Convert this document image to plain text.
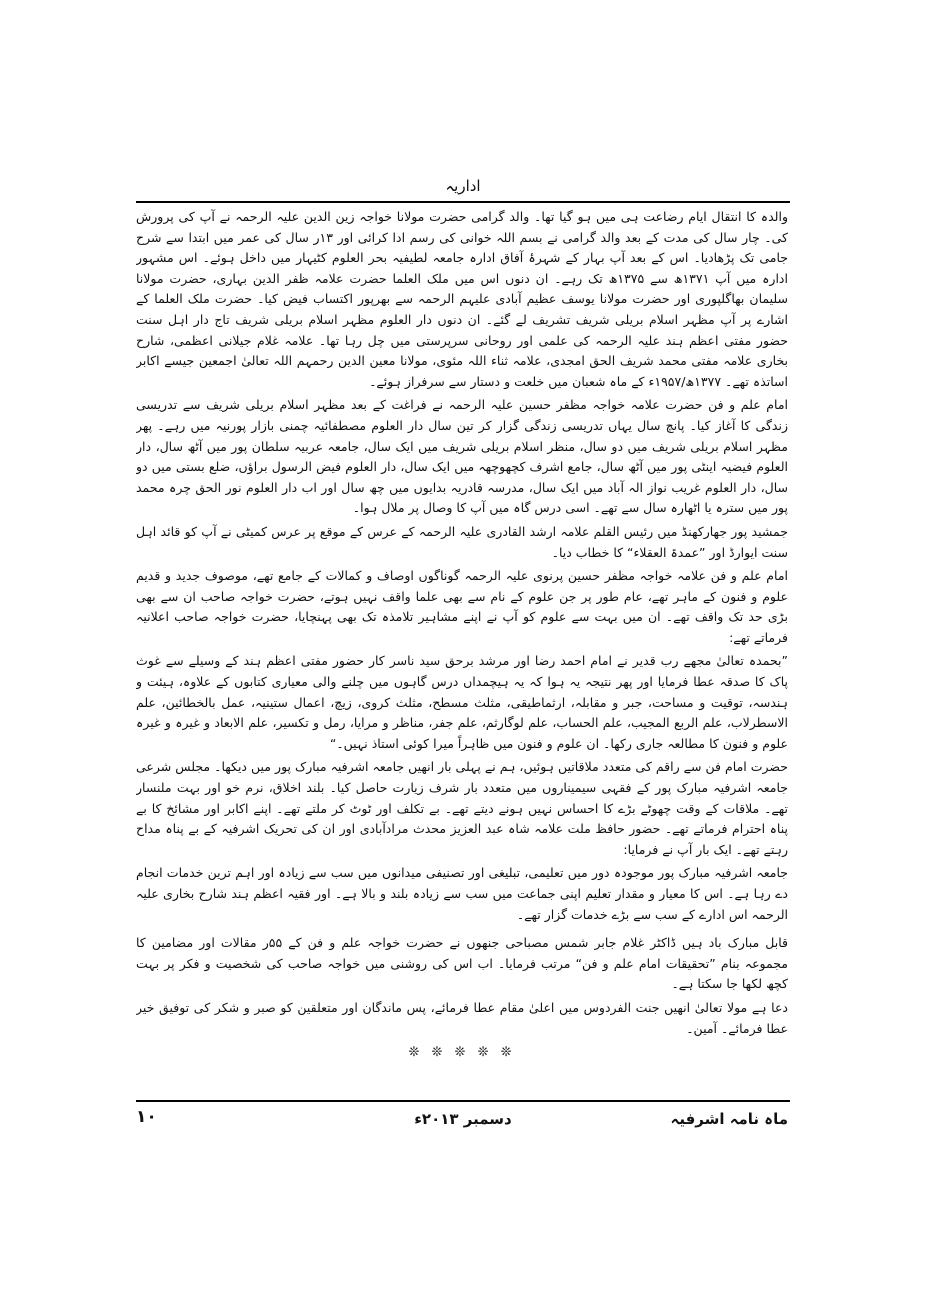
اداریہ

والدہ کا انتقال ایام رضاعت ہی میں ہو گیا تھا۔ والد گرامی حضرت مولانا خواجہ زین الدین علیہ الرحمہ نے آپ کی پرورش کی۔ چار سال کی مدت کے بعد والد گرامی نے بسم اللہ خوانی کی رسم ادا کرائی اور ۱۳ر سال کی عمر میں ابتدا سے شرح جامی تک پڑھادیا۔ اس کے بعد آپ بہار کے شہرۂ آفاق ادارہ جامعہ لطیفیہ بحر العلوم کٹیہار میں داخل ہوئے۔ اس مشہور ادارہ میں آپ ۱۳۷۱ھ سے ۱۳۷۵ھ تک رہے۔ ان دنوں اس میں ملک العلما حضرت علامہ ظفر الدین بہاری، حضرت مولانا سلیمان بھاگلپوری اور حضرت مولانا یوسف عظیم آبادی علیہم الرحمہ سے بھرپور اکتساب فیض کیا۔ حضرت ملک العلما کے اشارے پر آپ مظہر اسلام بریلی شریف تشریف لے گئے۔ ان دنوں دار العلوم مظہر اسلام بریلی شریف تاج دار اہل سنت حضور مفتی اعظم ہند علیہ الرحمہ کی علمی اور روحانی سرپرستی میں چل رہا تھا۔ علامہ غلام جیلانی اعظمی، شارح بخاری علامہ مفتی محمد شریف الحق امجدی، علامہ ثناء اللہ مئوی، مولانا معین الدین رحمہم اللہ تعالیٰ اجمعین جیسے اکابر اساتذہ تھے۔ ۱۳۷۷ھ/۱۹۵۷ء کے ماہ شعبان میں خلعت و دستار سے سرفراز ہوئے۔

امام علم و فن حضرت علامہ خواجہ مظفر حسین علیہ الرحمہ نے فراغت کے بعد مظہر اسلام بریلی شریف سے تدریسی زندگی کا آغاز کیا۔ پانچ سال یہاں تدریسی زندگی گزار کر تین سال دار العلوم مصطفائیہ چمنی بازار پورنیہ میں رہے۔ پھر مظہر اسلام بریلی شریف میں دو سال، منظر اسلام بریلی شریف میں ایک سال، جامعہ عربیہ سلطان پور میں آٹھ سال، دار العلوم فیضیہ اینٹی پور میں آٹھ سال، جامع اشرف کچھوچھہ میں ایک سال، دار العلوم فیض الرسول براؤں، ضلع بستی میں دو سال، دار العلوم غریب نواز الہ آباد میں ایک سال، مدرسہ قادریہ بدایوں میں چھ سال اور اب دار العلوم نور الحق چرہ محمد پور میں سترہ یا اٹھارہ سال سے تھے۔ اسی درس گاہ میں آپ کا وصال پر ملال ہوا۔

جمشید پور جھارکھنڈ میں رئیس القلم علامہ ارشد القادری علیہ الرحمہ کے عرس کے موقع پر عرس کمیٹی نے آپ کو قائد اہل سنت ایوارڈ اور ”عمدۃ العقلاء“ کا خطاب دیا۔

امام علم و فن علامہ خواجہ مظفر حسین پرنوی علیہ الرحمہ گوناگوں اوصاف و کمالات کے جامع تھے، موصوف جدید و قدیم علوم و فنون کے ماہر تھے، عام طور پر جن علوم کے نام سے بھی علما واقف نہیں ہوتے، حضرت خواجہ صاحب ان سے بھی بڑی حد تک واقف تھے۔ ان میں بہت سے علوم کو آپ نے اپنے مشاہیر تلامذہ تک بھی پہنچایا، حضرت خواجہ صاحب اعلانیہ فرماتے تھے:

”بحمدہ تعالیٰ مجھے رب قدیر نے امام احمد رضا اور مرشد برحق سید ناسر کار حضور مفتی اعظم ہند کے وسیلے سے غوث پاک کا صدقہ عطا فرمایا اور پھر نتیجہ یہ ہوا کہ یہ ہیچمداں درس گاہوں میں چلنے والی معیاری کتابوں کے علاوہ، ہیئت و ہندسہ، توقیت و مساحت، جبر و مقابلہ، ارثماطیقی، مثلث مسطح، مثلث کروی، زیچ، اعمال ستینیہ، عمل بالخطائین، علم الاسطرلاب، علم الربع المجیب، علم الحساب، علم لوگارثم، علم جفر، مناظر و مرایا، رمل و تکسیر، علم الابعاد و غیرہ و غیرہ علوم و فنون کا مطالعہ جاری رکھا۔ ان علوم و فنون میں ظاہراً میرا کوئی استاذ نہیں۔“

حضرت امام فن سے راقم کی متعدد ملاقاتیں ہوئیں، ہم نے پہلی بار انھیں جامعہ اشرفیہ مبارک پور میں دیکھا۔ مجلس شرعی جامعہ اشرفیہ مبارک پور کے فقہی سیمیناروں میں متعدد بار شرف زیارت حاصل کیا۔ بلند اخلاق، نرم خو اور بہت ملنسار تھے۔ ملاقات کے وقت چھوٹے بڑے کا احساس نہیں ہونے دیتے تھے۔ بے تکلف اور ٹوٹ کر ملتے تھے۔ اپنے اکابر اور مشائخ کا بے پناہ احترام فرماتے تھے۔ حضور حافظ ملت علامہ شاہ عبد العزیز محدث مرادآبادی اور ان کی تحریک اشرفیہ کے بے پناہ مداح رہتے تھے۔ ایک بار آپ نے فرمایا:

جامعہ اشرفیہ مبارک پور موجودہ دور میں تعلیمی، تبلیغی اور تصنیفی میدانوں میں سب سے زیادہ اور اہم ترین خدمات انجام دے رہا ہے۔ اس کا معیار و مقدار تعلیم اپنی جماعت میں سب سے زیادہ بلند و بالا ہے۔ اور فقیہ اعظم ہند شارح بخاری علیہ الرحمہ اس ادارے کے سب سے بڑے خدمات گزار تھے۔

قابل مبارک باد ہیں ڈاکٹر غلام جابر شمس مصباحی جنھوں نے حضرت خواجہ علم و فن کے ۵۵ر مقالات اور مضامین کا مجموعہ بنام ”تحقیقات امام علم و فن“ مرتب فرمایا۔ اب اس کی روشنی میں خواجہ صاحب کی شخصیت و فکر پر بہت کچھ لکھا جا سکتا ہے۔

دعا ہے مولا تعالیٰ انھیں جنت الفردوس میں اعلیٰ مقام عطا فرمائے، پس ماندگان اور متعلقین کو صبر و شکر کی توفیق خیر عطا فرمائے۔ آمین۔

❊ ❊ ❊ ❊ ❊
ماہ نامہ اشرفیہ
دسمبر ۲۰۱۳ء
۱۰
